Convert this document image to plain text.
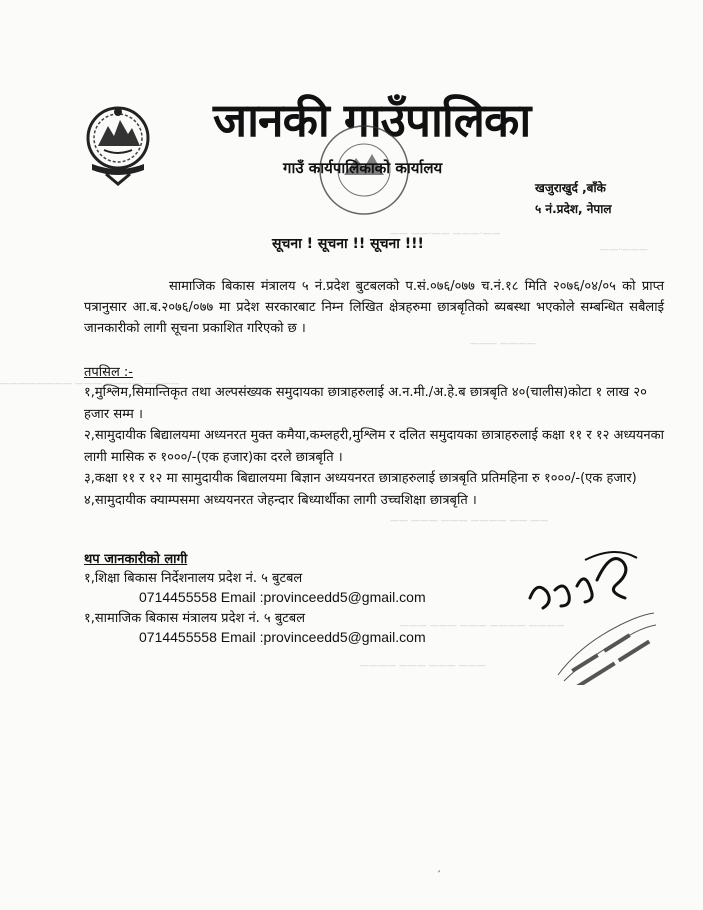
—— ——·—— ———·——
——·———
——— ————
———————— ——— ———— ————
—— ——— ——— ———— —— ——
——— ——— ——— ———— ————
———— ——— ——— ———
जानकी गाउँपालिका
गाउँ कार्यपालिकाको कार्यालय
खजुराखुर्द ,बाँके
५ नं.प्रदेश, नेपाल
सूचना ! सूचना !! सूचना !!!

सामाजिक बिकास मंत्रालय ५ नं.प्रदेश बुटबलको प.सं.०७६/०७७ च.नं.१८ मिति २०७६/०४/०५ को प्राप्त पत्रानुसार आ.ब.२०७६/०७७ मा प्रदेश सरकारबाट निम्न लिखित क्षेत्रहरुमा छात्रबृतिको ब्यबस्था भएकोले सम्बन्धित सबैलाई जानकारीको लागी सूचना प्रकाशित गरिएको छ ।

तपसिल :-

१,मुश्लिम,सिमान्तिकृत तथा अल्पसंख्यक समुदायका छात्राहरुलाई अ.न.मी./अ.हे.ब छात्रबृति ४०(चालीस)कोटा १ लाख २० हजार सम्म ।

२,सामुदायीक बिद्यालयमा अध्यनरत मुक्त कमैया,कम्लहरी,मुश्लिम र दलित समुदायका छात्राहरुलाई कक्षा ११ र १२ अध्ययनका लागी मासिक रु १०००/-(एक हजार)का दरले छात्रबृति ।

३,कक्षा ११ र १२ मा सामुदायीक बिद्यालयमा बिज्ञान अध्ययनरत छात्राहरुलाई छात्रबृति प्रतिमहिना रु १०००/-(एक हजार)

४,सामुदायीक क्याम्पसमा अध्ययनरत जेहन्दार बिध्यार्थीका लागी उच्चशिक्षा छात्रबृति ।

थप जानकारीको लागी
१,शिक्षा बिकास निर्देशनालय प्रदेश नं. ५ बुटबल
0714455558 Email :provinceedd5@gmail.com
१,सामाजिक बिकास मंत्रालय प्रदेश नं. ५ बुटबल
0714455558 Email :provinceedd5@gmail.com
׳
